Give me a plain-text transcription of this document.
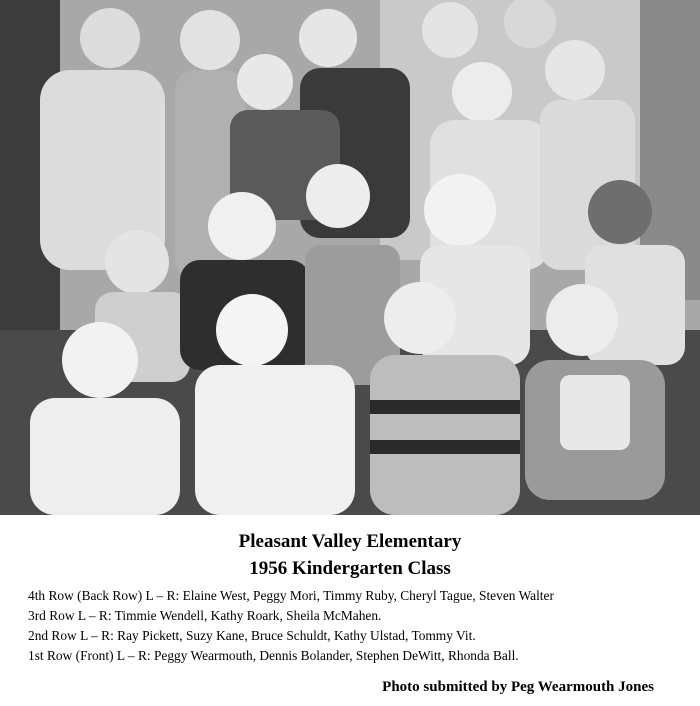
Pleasant Valley Elementary
1956 Kindergarten Class
4th Row (Back Row) L – R: Elaine West, Peggy Mori, Timmy Ruby, Cheryl Tague, Steven Walter
3rd Row L – R: Timmie Wendell, Kathy Roark, Sheila McMahen.
2nd Row L – R: Ray Pickett, Suzy Kane, Bruce Schuldt, Kathy Ulstad, Tommy Vit.
1st Row (Front) L – R: Peggy Wearmouth, Dennis Bolander, Stephen DeWitt, Rhonda Ball.
Photo submitted by Peg Wearmouth Jones
